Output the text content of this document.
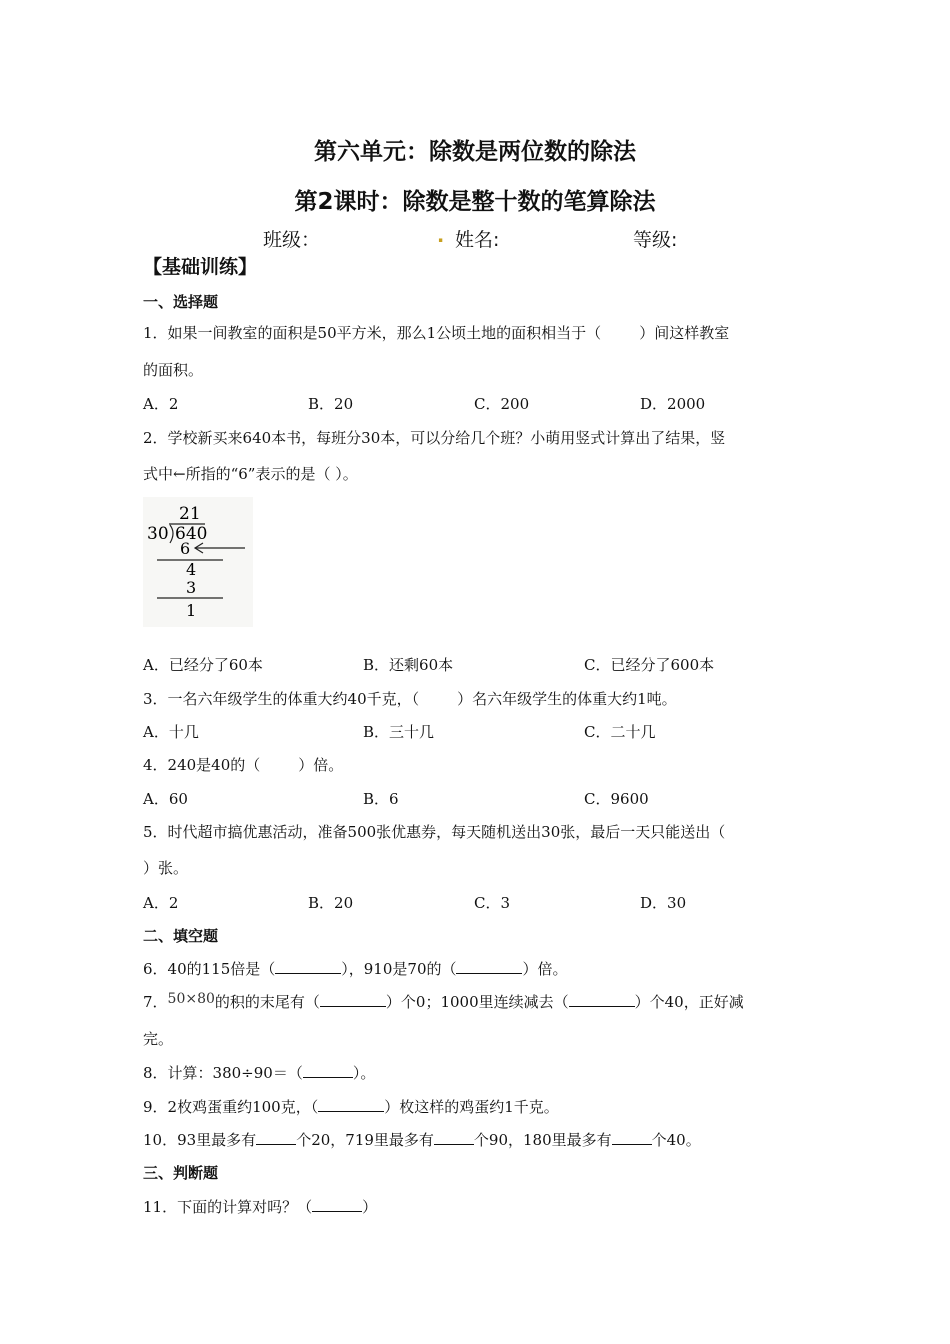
第六单元：除数是两位数的除法
第2课时：除数是整十数的笔算除法
班级：	. 姓名:	等级:
【基础训练】
一、选择题
1．如果一间教室的面积是50平方米，那么1公顷土地的面积相当于（	）间这样教室
的面积。
A．2	B．20	C．200	D．2000
2．学校新买来640本书，每班分30本，可以分给几个班？小萌用竖式计算出了结果，竖
式中←所指的“6”表示的是（ ）。
21
30 640
6
4
3
1
A．已经分了60本	B．还剩60本	C．已经分了600本
3．一名六年级学生的体重大约40千克，（	）名六年级学生的体重大约1吨。
A．十几	B．三十几	C．二十几
4．240是40的（	）倍。
A．60	B．6	C．9600
5．时代超市搞优惠活动，准备500张优惠券，每天随机送出30张，最后一天只能送出（
）张。
A．2	B．20	C．3	D．30
二、填空题
6．40的115倍是（	），910是70的（	）倍。
7．50×80的积的末尾有（	）个0；1000里连续减去（	）个40，正好减
完。
8．计算：380÷90＝（	）。
9．2枚鸡蛋重约100克，（	）枚这样的鸡蛋约1千克。
10．93里最多有	个20，719里最多有	个90，180里最多有	个40。
三、判断题
11．下面的计算对吗？（	）
